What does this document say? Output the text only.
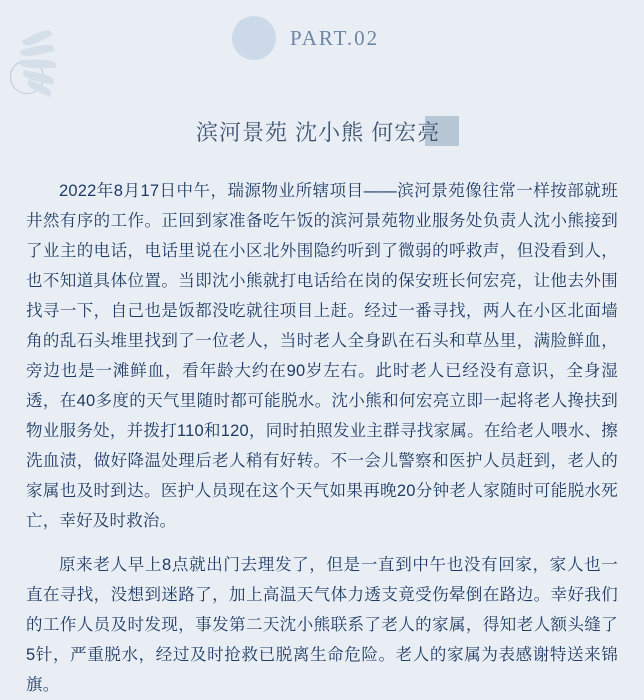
PART.02
滨河景苑 沈小熊 何宏亮

2022年8月17日中午，瑞源物业所辖项目——滨河景苑像往常一样按部就班井然有序的工作。正回到家准备吃午饭的滨河景苑物业服务处负责人沈小熊接到了业主的电话，电话里说在小区北外围隐约听到了微弱的呼救声，但没看到人，也不知道具体位置。当即沈小熊就打电话给在岗的保安班长何宏亮，让他去外围找寻一下，自己也是饭都没吃就往项目上赶。经过一番寻找，两人在小区北面墙角的乱石头堆里找到了一位老人，当时老人全身趴在石头和草丛里，满脸鲜血，旁边也是一滩鲜血，看年龄大约在90岁左右。此时老人已经没有意识，全身湿透，在40多度的天气里随时都可能脱水。沈小熊和何宏亮立即一起将老人搀扶到物业服务处，并拨打110和120，同时拍照发业主群寻找家属。在给老人喂水、擦洗血渍，做好降温处理后老人稍有好转。不一会儿警察和医护人员赶到，老人的家属也及时到达。医护人员现在这个天气如果再晚20分钟老人家随时可能脱水死亡，幸好及时救治。

原来老人早上8点就出门去理发了，但是一直到中午也没有回家，家人也一直在寻找，没想到迷路了，加上高温天气体力透支竟受伤晕倒在路边。幸好我们的工作人员及时发现，事发第二天沈小熊联系了老人的家属，得知老人额头缝了5针，严重脱水，经过及时抢救已脱离生命危险。老人的家属为表感谢特送来锦旗。
